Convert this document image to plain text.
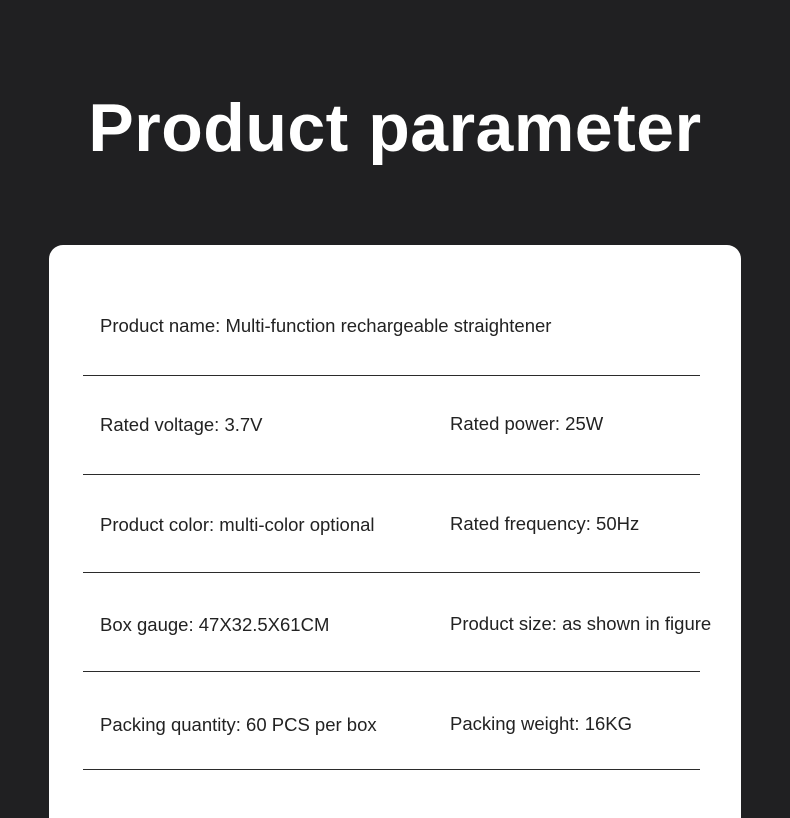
Product parameter
Product name: Multi-function rechargeable straightener
Rated voltage: 3.7V	Rated power: 25W
Product color: multi-color optional	Rated frequency: 50Hz
Box gauge: 47X32.5X61CM	Product size: as shown in figure
Packing quantity: 60 PCS per box	Packing weight: 16KG
